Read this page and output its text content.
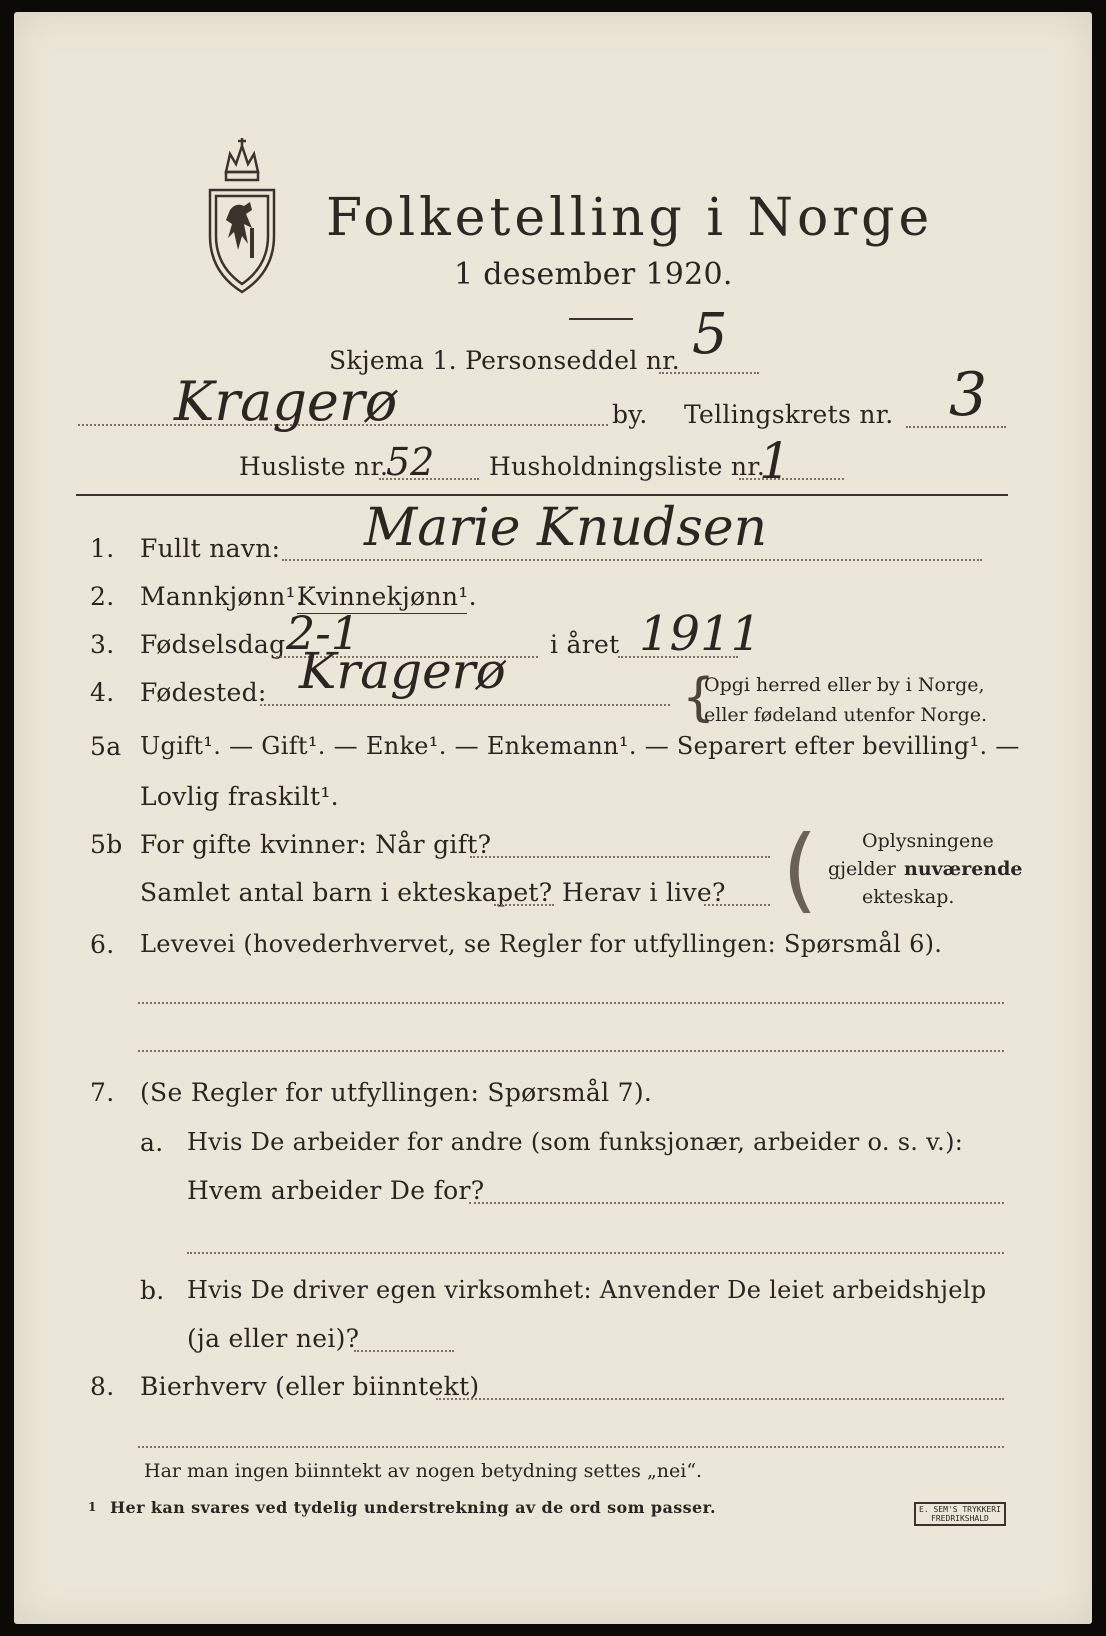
Folketelling i Norge
1 desember 1920.
Skjema 1. Personseddel nr. 5
Kragerø	by. Tellingskrets nr. 3
Husliste nr.
52 Husholdningsliste nr.
1
1. Fullt navn: Marie Knudsen
2. Mannkjønn¹.
Kvinnekjønn¹.
3. Fødselsdag 2-1	i året 1911
4. Fødested: Kragerø	{
Opgi herred eller by i Norge,
eller fødeland utenfor Norge.
5a Ugift¹. — Gift¹. — Enke¹. — Enkemann¹. — Separert efter bevilling¹. —
Lovlig fraskilt¹.
5b For gifte kvinner: Når gift?
Samlet antal barn i ekteskapet? Herav i live? ( Oplysningene
gjelder nuværende
ekteskap.
6. Levevei (hovederhvervet, se Regler for utfyllingen: Spørsmål 6).
7. (Se Regler for utfyllingen: Spørsmål 7).
a. Hvis De arbeider for andre (som funksjonær, arbeider o. s. v.):
Hvem arbeider De for?
b. Hvis De driver egen virksomhet: Anvender De leiet arbeidshjelp
(ja eller nei)?
8. Bierhverv (eller biinntekt)
Har man ingen biinntekt av nogen betydning settes „nei“.
1 Her kan svares ved tydelig understrekning av de ord som passer.	E. SEM'S TRYKKERI
FREDRIKSHALD
